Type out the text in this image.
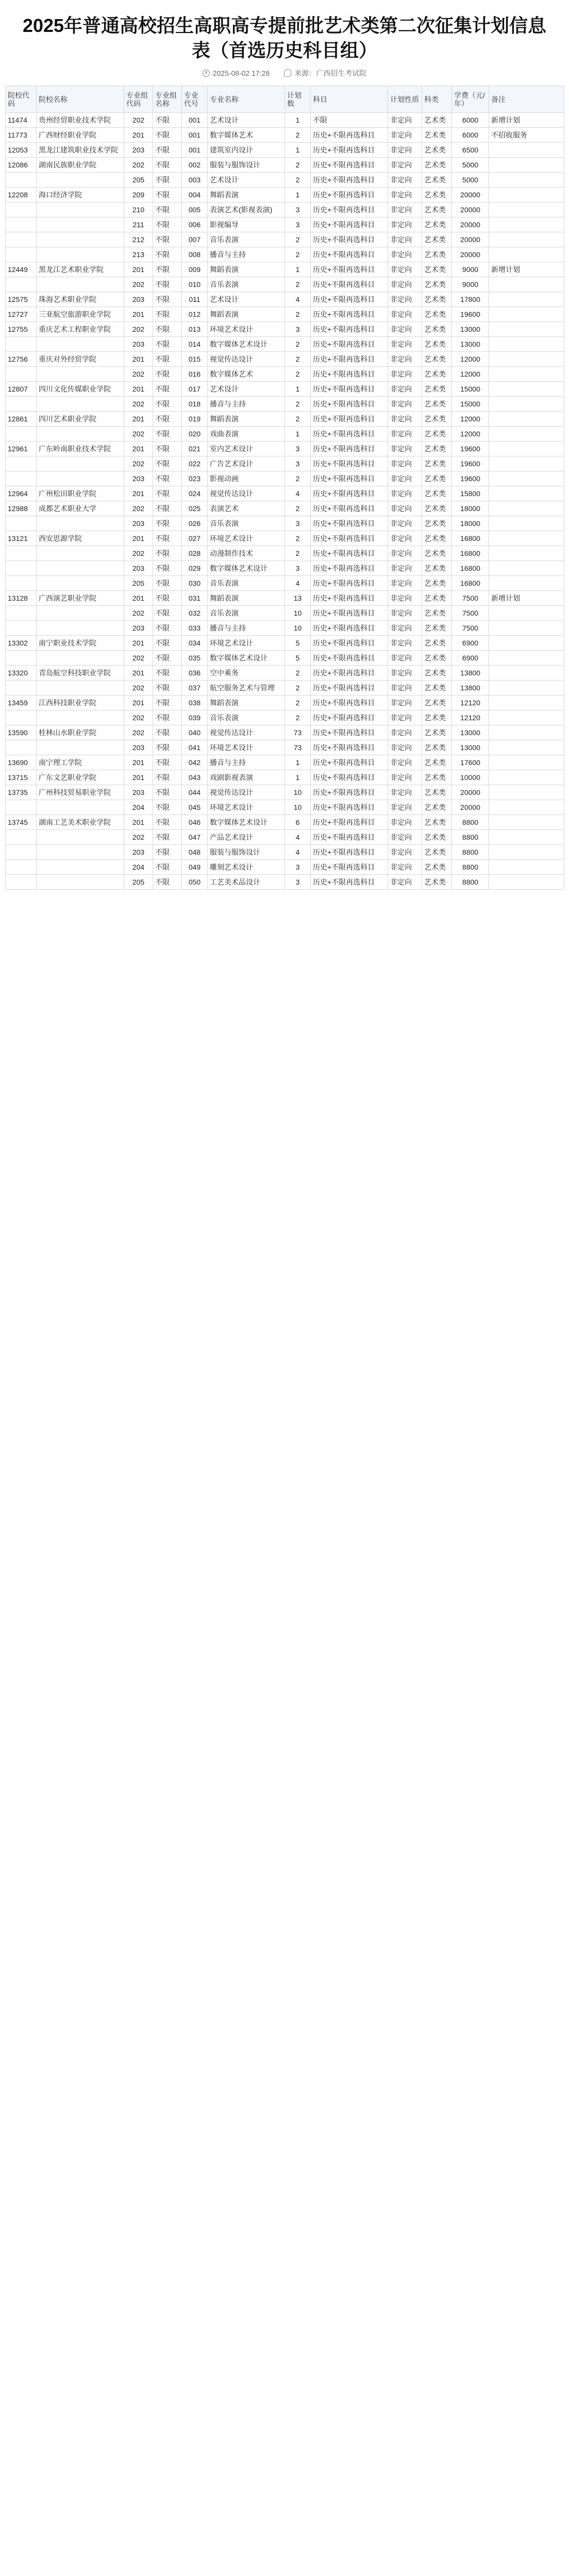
2025年普通高校招生高职高专提前批艺术类第二次征集计划信息表（首选历史科目组）
2025-08-02 17:28	来源：广西招生考试院
院校代码	院校名称	专业组代码	专业组名称	专业代号	专业名称	计划数	科目	计划性质	科类	学费（元/年）	备注
11474	贵州经贸职业技术学院	202	不限	001	艺术设计	1	不限	非定向	艺术类	6000	新增计划
11773	广西财经职业学院	201	不限	001	数字媒体艺术	2	历史+不限再选科目	非定向	艺术类	6000	不招收服务
12053	黑龙江建筑职业技术学院	203	不限	001	建筑室内设计	1	历史+不限再选科目	非定向	艺术类	6500	
12086	湖南民族职业学院	202	不限	002	服装与服饰设计	2	历史+不限再选科目	非定向	艺术类	5000	
		205	不限	003	艺术设计	2	历史+不限再选科目	非定向	艺术类	5000	
12208	海口经济学院	209	不限	004	舞蹈表演	1	历史+不限再选科目	非定向	艺术类	20000	
		210	不限	005	表演艺术(影视表演)	3	历史+不限再选科目	非定向	艺术类	20000	
		211	不限	006	影视编导	3	历史+不限再选科目	非定向	艺术类	20000	
		212	不限	007	音乐表演	2	历史+不限再选科目	非定向	艺术类	20000	
		213	不限	008	播音与主持	2	历史+不限再选科目	非定向	艺术类	20000	
12449	黑龙江艺术职业学院	201	不限	009	舞蹈表演	1	历史+不限再选科目	非定向	艺术类	9000	新增计划
		202	不限	010	音乐表演	2	历史+不限再选科目	非定向	艺术类	9000	
12575	珠海艺术职业学院	203	不限	011	艺术设计	4	历史+不限再选科目	非定向	艺术类	17800	
12727	三亚航空旅游职业学院	201	不限	012	舞蹈表演	2	历史+不限再选科目	非定向	艺术类	19600	
12755	重庆艺术工程职业学院	202	不限	013	环境艺术设计	3	历史+不限再选科目	非定向	艺术类	13000	
		203	不限	014	数字媒体艺术设计	2	历史+不限再选科目	非定向	艺术类	13000	
12756	重庆对外经贸学院	201	不限	015	视觉传达设计	2	历史+不限再选科目	非定向	艺术类	12000	
		202	不限	016	数字媒体艺术	2	历史+不限再选科目	非定向	艺术类	12000	
12807	四川文化传媒职业学院	201	不限	017	艺术设计	1	历史+不限再选科目	非定向	艺术类	15000	
		202	不限	018	播音与主持	2	历史+不限再选科目	非定向	艺术类	15000	
12861	四川艺术职业学院	201	不限	019	舞蹈表演	2	历史+不限再选科目	非定向	艺术类	12000	
		202	不限	020	戏曲表演	1	历史+不限再选科目	非定向	艺术类	12000	
12961	广东岭南职业技术学院	201	不限	021	室内艺术设计	3	历史+不限再选科目	非定向	艺术类	19600	
		202	不限	022	广告艺术设计	3	历史+不限再选科目	非定向	艺术类	19600	
		203	不限	023	影视动画	2	历史+不限再选科目	非定向	艺术类	19600	
12964	广州松田职业学院	201	不限	024	视觉传达设计	4	历史+不限再选科目	非定向	艺术类	15800	
12988	成都艺术职业大学	202	不限	025	表演艺术	2	历史+不限再选科目	非定向	艺术类	18000	
		203	不限	026	音乐表演	3	历史+不限再选科目	非定向	艺术类	18000	
13121	西安思源学院	201	不限	027	环境艺术设计	2	历史+不限再选科目	非定向	艺术类	16800	
		202	不限	028	动漫制作技术	2	历史+不限再选科目	非定向	艺术类	16800	
		203	不限	029	数字媒体艺术设计	3	历史+不限再选科目	非定向	艺术类	16800	
		205	不限	030	音乐表演	4	历史+不限再选科目	非定向	艺术类	16800	
13128	广西演艺职业学院	201	不限	031	舞蹈表演	13	历史+不限再选科目	非定向	艺术类	7500	新增计划
		202	不限	032	音乐表演	10	历史+不限再选科目	非定向	艺术类	7500	
		203	不限	033	播音与主持	10	历史+不限再选科目	非定向	艺术类	7500	
13302	南宁职业技术学院	201	不限	034	环境艺术设计	5	历史+不限再选科目	非定向	艺术类	6900	
		202	不限	035	数字媒体艺术设计	5	历史+不限再选科目	非定向	艺术类	6900	
13320	青岛航空科技职业学院	201	不限	036	空中乘务	2	历史+不限再选科目	非定向	艺术类	13800	
		202	不限	037	航空服务艺术与管理	2	历史+不限再选科目	非定向	艺术类	13800	
13459	江西科技职业学院	201	不限	038	舞蹈表演	2	历史+不限再选科目	非定向	艺术类	12120	
		202	不限	039	音乐表演	2	历史+不限再选科目	非定向	艺术类	12120	
13590	桂林山水职业学院	202	不限	040	视觉传达设计	73	历史+不限再选科目	非定向	艺术类	13000	
		203	不限	041	环境艺术设计	73	历史+不限再选科目	非定向	艺术类	13000	
13690	南宁理工学院	201	不限	042	播音与主持	1	历史+不限再选科目	非定向	艺术类	17600	
13715	广东文艺职业学院	201	不限	043	戏剧影视表演	1	历史+不限再选科目	非定向	艺术类	10000	
13735	广州科技贸易职业学院	203	不限	044	视觉传达设计	10	历史+不限再选科目	非定向	艺术类	20000	
		204	不限	045	环境艺术设计	10	历史+不限再选科目	非定向	艺术类	20000	
13745	湖南工艺美术职业学院	201	不限	046	数字媒体艺术设计	6	历史+不限再选科目	非定向	艺术类	8800	
		202	不限	047	产品艺术设计	4	历史+不限再选科目	非定向	艺术类	8800	
		203	不限	048	服装与服饰设计	4	历史+不限再选科目	非定向	艺术类	8800	
		204	不限	049	雕刻艺术设计	3	历史+不限再选科目	非定向	艺术类	8800	
		205	不限	050	工艺美术品设计	3	历史+不限再选科目	非定向	艺术类	8800	
